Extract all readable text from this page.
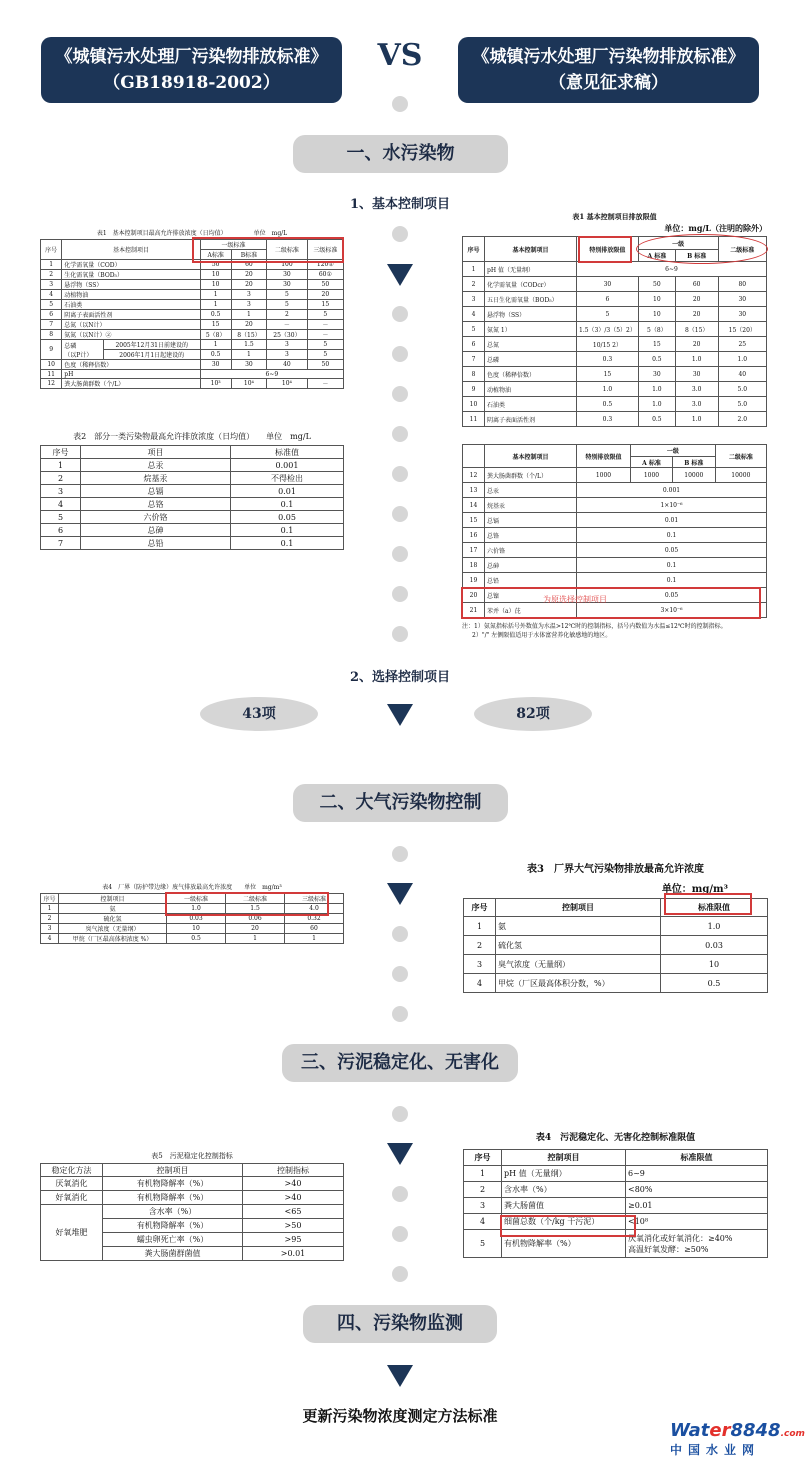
《城镇污水处理厂污染物排放标准》
（GB18918-2002）
VS	《城镇污水处理厂污染物排放标准》
（意见征求稿）
一、水污染物
1、基本控制项目
2、选择控制项目
43项	82项
二、大气污染物控制
三、污泥稳定化、无害化
四、污染物监测
更新污染物浓度测定方法标准
Water8848.com
中国水业网
表1　基本控制项目最高允许排放浓度（日均值）　　　　　单位　mg/L
序号	基本控制项目		一级标准		二级标准	三级标准
			A标准	B标准		
1	化学需氧量（COD）		50	60	100	120①
2	生化需氧量（BOD₅）		10	20	30	60①
3	悬浮物（SS）		10	20	30	50
4	动植物油		1	3	5	20
5	石油类		1	3	5	15
6	阴离子表面活性剂		0.5	1	2	5
7	总氮（以N计）		15	20	－	－
8	氨氮（以N计）②		5（8）	8（15）	25（30）	－
9	总磷
（以P计）	2005年12月31日前建设的	1	1.5	3	5
		2006年1月1日起建设的	0.5	1	3	5
10	色度（稀释倍数）		30	30	40	50
11	pH		6~9			
12	粪大肠菌群数（个/L）		10³	10⁴	10⁴	－
表2　部分一类污染物最高允许排放浓度（日均值）　　单位　mg/L
序号	项目	标准值
1	总汞	0.001
2	烷基汞	不得检出
3	总镉	0.01
4	总铬	0.1
5	六价铬	0.05
6	总砷	0.1
7	总铅	0.1
表1 基本控制项目排放限值
单位：mg/L（注明的除外）
序号	基本控制项目	特别排放限值	一级		二级标准
			A 标准	B 标准	
1	pH 值（无量纲）	6~9			
2	化学需氧量（CODcr）	30	50	60	80
3	五日生化需氧量（BOD₅）	6	10	20	30
4	悬浮物（SS）	5	10	20	30
5	氨氮 1）	1.5（3）/3（5）2）	5（8）	8（15）	15（20）
6	总氮	10/15 2）	15	20	25
7	总磷	0.3	0.5	1.0	1.0
8	色度（稀释倍数）	15	30	30	40
9	动植物油	1.0	1.0	3.0	5.0
10	石油类	0.5	1.0	3.0	5.0
11	阴离子表面活性剂	0.3	0.5	1.0	2.0
	基本控制项目	特别排放限值	一级		二级标准
			A 标准	B 标准	
12	粪大肠菌群数（个/L）	1000	1000	10000	10000
13	总汞	0.001			
14	烷基汞	1×10⁻⁶			
15	总镉	0.01			
16	总铬	0.1			
17	六价铬	0.05			
18	总砷	0.1			
19	总铅	0.1			
20	总镍	0.05			
21	苯并（a）芘	3×10⁻⁶			
注：1）氨氮指标括号外数值为水温>12℃时的控制指标，括号内数值为水温≤12℃时的控制指标。
2）"/" 左侧限值适用于水体富营养化敏感地的地区。
为原选择控制项目
表4　厂界（防护带边缘）废气排放最高允许浓度　　单位　mg/m³
序号	控制项目	一级标准	二级标准	三级标准
1	氨	1.0	1.5	4.0
2	硫化氢	0.03	0.06	0.32
3	臭气浓度（无量纲）	10	20	60
4	甲烷（厂区最高体积浓度 %）	0.5	1	1
表3　厂界大气污染物排放最高允许浓度
单位：mg/m³
序号	控制项目	标准限值
1	氨	1.0
2	硫化氢	0.03
3	臭气浓度（无量纲）	10
4	甲烷（厂区最高体积分数，%）	0.5
表5　污泥稳定化控制指标
稳定化方法	控制项目	控制指标
厌氧消化	有机物降解率（%）	>40
好氧消化	有机物降解率（%）	>40
好氧堆肥	含水率（%）	<65
	有机物降解率（%）	>50
	蠕虫卵死亡率（%）	>95
	粪大肠菌群菌值	>0.01
表4　污泥稳定化、无害化控制标准限值
序号	控制项目	标准限值
1	pH 值（无量纲）	6~9
2	含水率（%）	<80%
3	粪大肠菌值	≥0.01
4	细菌总数（个/kg 干污泥）	<10⁸
5	有机物降解率（%）	厌氧消化或好氧消化：≥40%
高温好氧发酵：≥50%
